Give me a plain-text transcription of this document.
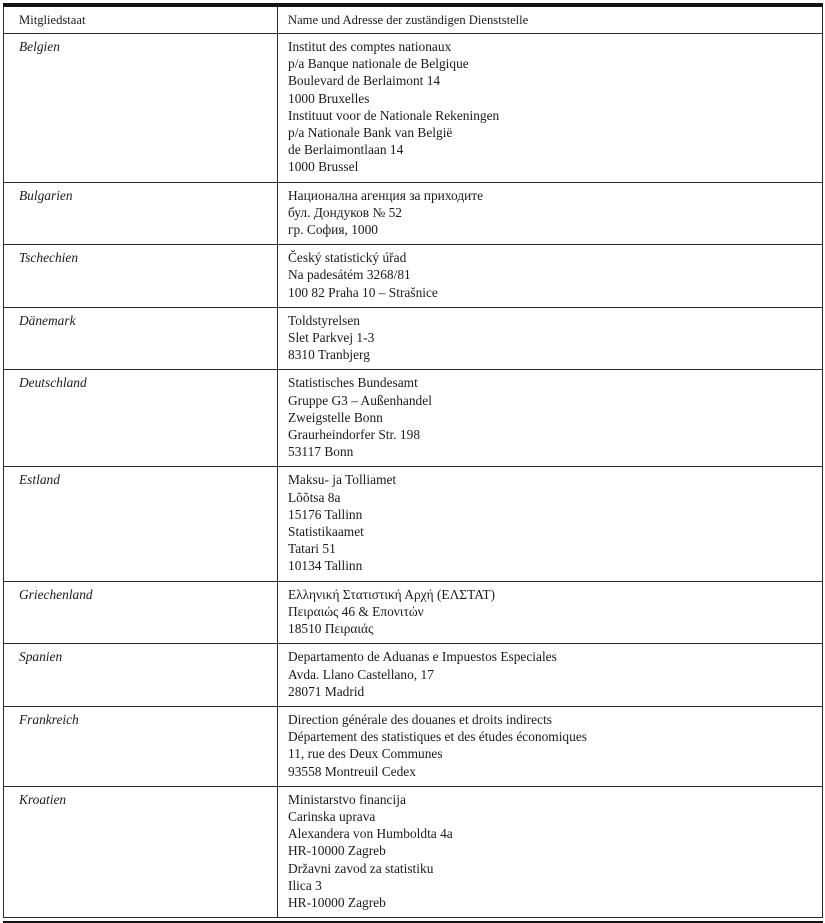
Mitgliedstaat	Name und Adresse der zuständigen Dienststelle
Belgien	Institut des comptes nationaux
p/a Banque nationale de Belgique
Boulevard de Berlaimont 14
1000 Bruxelles
Instituut voor de Nationale Rekeningen
p/a Nationale Bank van België
de Berlaimontlaan 14
1000 Brussel

Bulgarien	Национална агенция за приходите
бул. Дондуков № 52
гр. София, 1000

Tschechien	Český statistický úřad
Na padesátém 3268/81
100 82 Praha 10 – Strašnice

Dänemark	Toldstyrelsen
Slet Parkvej 1-3
8310 Tranbjerg

Deutschland	Statistisches Bundesamt
Gruppe G3 – Außenhandel
Zweigstelle Bonn
Graurheindorfer Str. 198
53117 Bonn

Estland	Maksu- ja Tolliamet
Lõõtsa 8a
15176 Tallinn
Statistikaamet
Tatari 51
10134 Tallinn

Griechenland	Ελληνική Στατιστική Αρχή (ΕΛΣΤΑΤ)
Πειραιώς 46 & Επονιτών
18510 Πειραιάς

Spanien	Departamento de Aduanas e Impuestos Especiales
Avda. Llano Castellano, 17
28071 Madrid

Frankreich	Direction générale des douanes et droits indirects
Département des statistiques et des études économiques
11, rue des Deux Communes
93558 Montreuil Cedex

Kroatien	Ministarstvo financija
Carinska uprava
Alexandera von Humboldta 4a
HR-10000 Zagreb
Državni zavod za statistiku
Ilica 3
HR-10000 Zagreb
